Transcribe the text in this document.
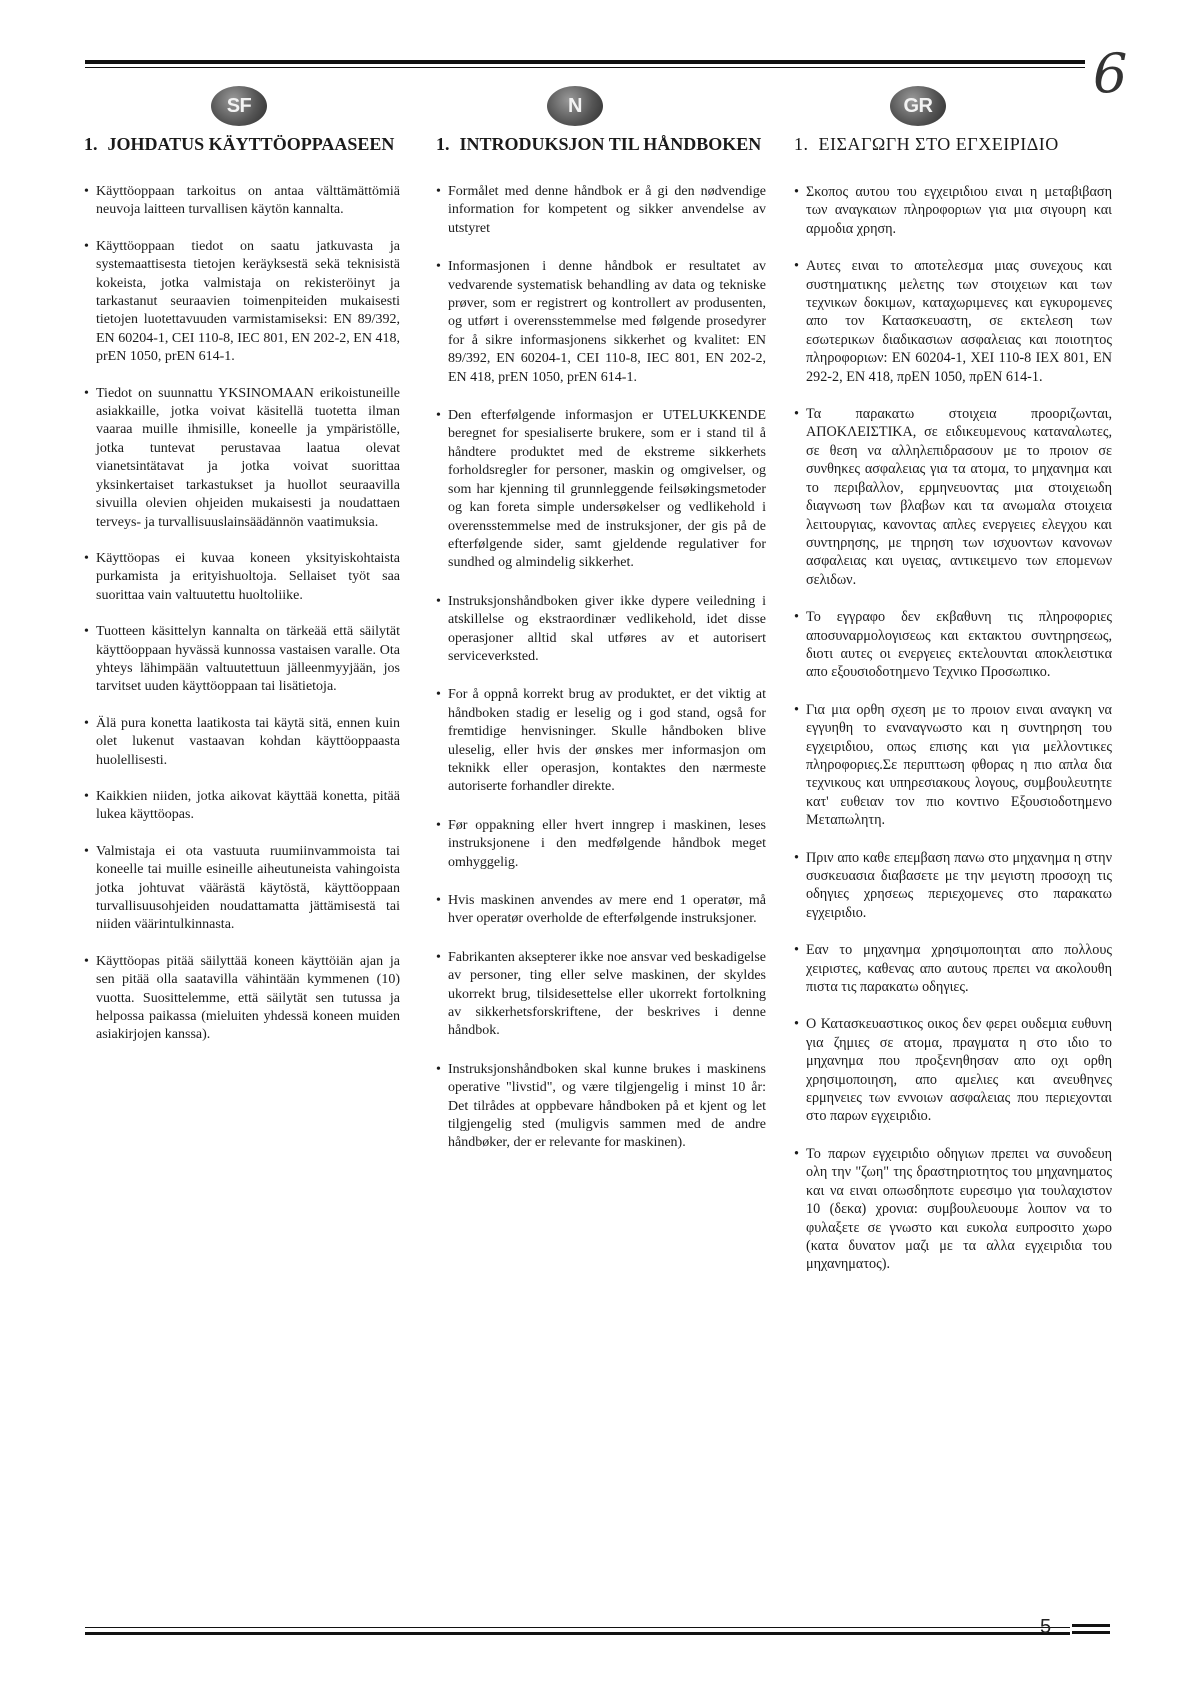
6
SF	N	GR
1. JOHDATUS KÄYTTÖOPPAASEEN
• Käyttöoppaan tarkoitus on antaa välttämättömiä neuvoja laitteen turvallisen käytön kannalta.
• Käyttöoppaan tiedot on saatu jatkuvasta ja systemaattisesta tietojen keräyksestä sekä teknisistä kokeista, jotka valmistaja on rekisteröinyt ja tarkastanut seuraavien toimenpiteiden mukaisesti tietojen luotettavuuden varmistamiseksi: EN 89/392, EN 60204-1, CEI 110-8, IEC 801, EN 202-2, EN 418, prEN 1050, prEN 614-1.
• Tiedot on suunnattu YKSINOMAAN erikoistuneille asiakkaille, jotka voivat käsitellä tuotetta ilman vaaraa muille ihmisille, koneelle ja ympäristölle, jotka tuntevat perustavaa laatua olevat vianetsintätavat ja jotka voivat suorittaa yksinkertaiset tarkastukset ja huollot seuraavilla sivuilla olevien ohjeiden mukaisesti ja noudattaen terveys- ja turvallisuuslainsäädännön vaatimuksia.
• Käyttöopas ei kuvaa koneen yksityiskohtaista purkamista ja erityishuoltoja. Sellaiset työt saa suorittaa vain valtuutettu huoltoliike.
• Tuotteen käsittelyn kannalta on tärkeää että säilytät käyttöoppaan hyvässä kunnossa vastaisen varalle. Ota yhteys lähimpään valtuutettuun jälleenmyyjään, jos tarvitset uuden käyttöoppaan tai lisätietoja.
• Älä pura konetta laatikosta tai käytä sitä, ennen kuin olet lukenut vastaavan kohdan käyttöoppaasta huolellisesti.
• Kaikkien niiden, jotka aikovat käyttää konetta, pitää lukea käyttöopas.
• Valmistaja ei ota vastuuta ruumiinvammoista tai koneelle tai muille esineille aiheutuneista vahingoista jotka johtuvat väärästä käytöstä, käyttöoppaan turvallisuusohjeiden noudattamatta jättämisestä tai niiden väärintulkinnasta.
• Käyttöopas pitää säilyttää koneen käyttöiän ajan ja sen pitää olla saatavilla vähintään kymmenen (10) vuotta. Suosittelemme, että säilytät sen tutussa ja helpossa paikassa (mieluiten yhdessä koneen muiden asiakirjojen kanssa).
1. INTRODUKSJON TIL HÅNDBOKEN
• Formålet med denne håndbok er å gi den nødvendige information for kompetent og sikker anvendelse av utstyret
• Informasjonen i denne håndbok er resultatet av vedvarende systematisk behandling av data og tekniske prøver, som er registrert og kontrollert av produsenten, og utført i overensstemmelse med følgende prosedyrer for å sikre informasjonens sikkerhet og kvalitet: EN 89/392, EN 60204-1, CEI 110-8, IEC 801, EN 202-2, EN 418, prEN 1050, prEN 614-1.
• Den efterfølgende informasjon er UTELUKKENDE beregnet for spesialiserte brukere, som er i stand til å håndtere produktet med de ekstreme sikkerhets forholdsregler for personer, maskin og omgivelser, og som har kjenning til grunnleggende feilsøkingsmetoder og kan foreta simple undersøkelser og vedlikehold i overensstemmelse med de instruksjoner, der gis på de efterfølgende sider, samt gjeldende regulativer for sundhed og almindelig sikkerhet.
• Instruksjonshåndboken giver ikke dypere veiledning i atskillelse og ekstraordinær vedlikehold, idet disse operasjoner alltid skal utføres av et autorisert serviceverksted.
• For å oppnå korrekt brug av produktet, er det viktig at håndboken stadig er leselig og i god stand, også for fremtidige henvisninger. Skulle håndboken blive uleselig, eller hvis der ønskes mer informasjon om teknikk eller operasjon, kontaktes den nærmeste autoriserte forhandler direkte.
• Før oppakning eller hvert inngrep i maskinen, leses instruksjonene i den medfølgende håndbok meget omhyggelig.
• Hvis maskinen anvendes av mere end 1 operatør, må hver operatør overholde de efterfølgende instruksjoner.
• Fabrikanten aksepterer ikke noe ansvar ved beskadigelse av personer, ting eller selve maskinen, der skyldes ukorrekt brug, tilsidesettelse eller ukorrekt fortolkning av sikkerhetsforskriftene, der beskrives i denne håndbok.
• Instruksjonshåndboken skal kunne brukes i maskinens operative "livstid", og være tilgjengelig i minst 10 år: Det tilrådes at oppbevare håndboken på et kjent og let tilgjengelig sted (muligvis sammen med de andre håndbøker, der er relevante for maskinen).
1. ΕΙΣΑΓΩΓΗ ΣΤΟ ΕΓΧΕΙΡΙΔΙΟ
• Σκοπος αυτου του εγχειριδιου ειναι η μεταβιβαση των αναγκαιων πληροφοριων για μια σιγουρη και αρμοδια χρηση.
• Αυτες ειναι το αποτελεσμα μιας συνεχους και συστηματικης μελετης των στοιχειων και των τεχνικων δοκιμων, καταχωριμενες και εγκυρομενες απο τον Κατασκευαστη, σε εκτελεση των εσωτερικων διαδικασιων ασφαλειας και ποιοτητος πληροφοριων: EN 60204-1, ΧΕΙ 110-8 ΙΕΧ 801, EN 292-2, EN 418, πρEN 1050, πρEN 614-1.
• Τα παρακατω στοιχεια προοριζωνται, ΑΠΟΚΛΕΙΣΤΙΚΑ, σε ειδικευμενους καταναλωτες, σε θεση να αλληλεπιδρασουν με το προιον σε συνθηκες ασφαλειας για τα ατομα, το μηχανημα και το περιβαλλον, ερμηνευοντας μια στοιχειωδη διαγνωση των βλαβων και τα ανωμαλα στοιχεια λειτουργιας, κανοντας απλες ενεργειες ελεγχου και συντηρησης, με τηρηση των ισχυοντων κανονων ασφαλειας και υγειας, αντικειμενο των επομενων σελιδων.
• Το εγγραφο δεν εκβαθυνη τις πληροφοριες αποσυναρμολογισεως και εκτακτου συντηρησεως, διοτι αυτες οι ενεργειες εκτελουνται αποκλειστικα απο εξουσιοδοτημενο Τεχνικο Προσωπικο.
• Για μια ορθη σχεση με το προιον ειναι αναγκη να εγγυηθη το εναναγνωστο και η συντηρηση του εγχειριδιου, οπως επισης και για μελλοντικες πληροφοριες.Σε περιπτωση φθορας η πιο απλα δια τεχνικους και υπηρεσιακους λογους, συμβουλευτητε κατ' ευθειαν τον πιο κοντινο Εξουσιοδοτημενο Μεταπωλητη.
• Πριν απο καθε επεμβαση πανω στο μηχανημα η στην συσκευασια διαβασετε με την μεγιστη προσοχη τις οδηγιες χρησεως περιεχομενες στο παρακατω εγχειριδιο.
• Εαν το μηχανημα χρησιμοποιηται απο πολλους χειριστες, καθενας απο αυτους πρεπει να ακολουθη πιστα τις παρακατω οδηγιες.
• Ο Κατασκευαστικος οικος δεν φερει ουδεμια ευθυνη για ζημιες σε ατομα, πραγματα η στο ιδιο το μηχανημα που προξενηθησαν απο οχι ορθη χρησιμοποιηση, απο αμελιες και ανευθηνες ερμηνειες των εννοιων ασφαλειας που περιεχονται στο παρων εγχειριδιο.
• Το παρων εγχειριδιο οδηγιων πρεπει να συνοδευη ολη την "ζωη" της δραστηριοτητος του μηχανηματος και να ειναι οπωσδηποτε ευρεσιμο για τουλαχιστον 10 (δεκα) χρονια: συμβουλευουμε λοιπον να το φυλαξετε σε γνωστο και ευκολα ευπροσιτο χωρο (κατα δυνατον μαζι με τα αλλα εγχειριδια του μηχανηματος).
5
